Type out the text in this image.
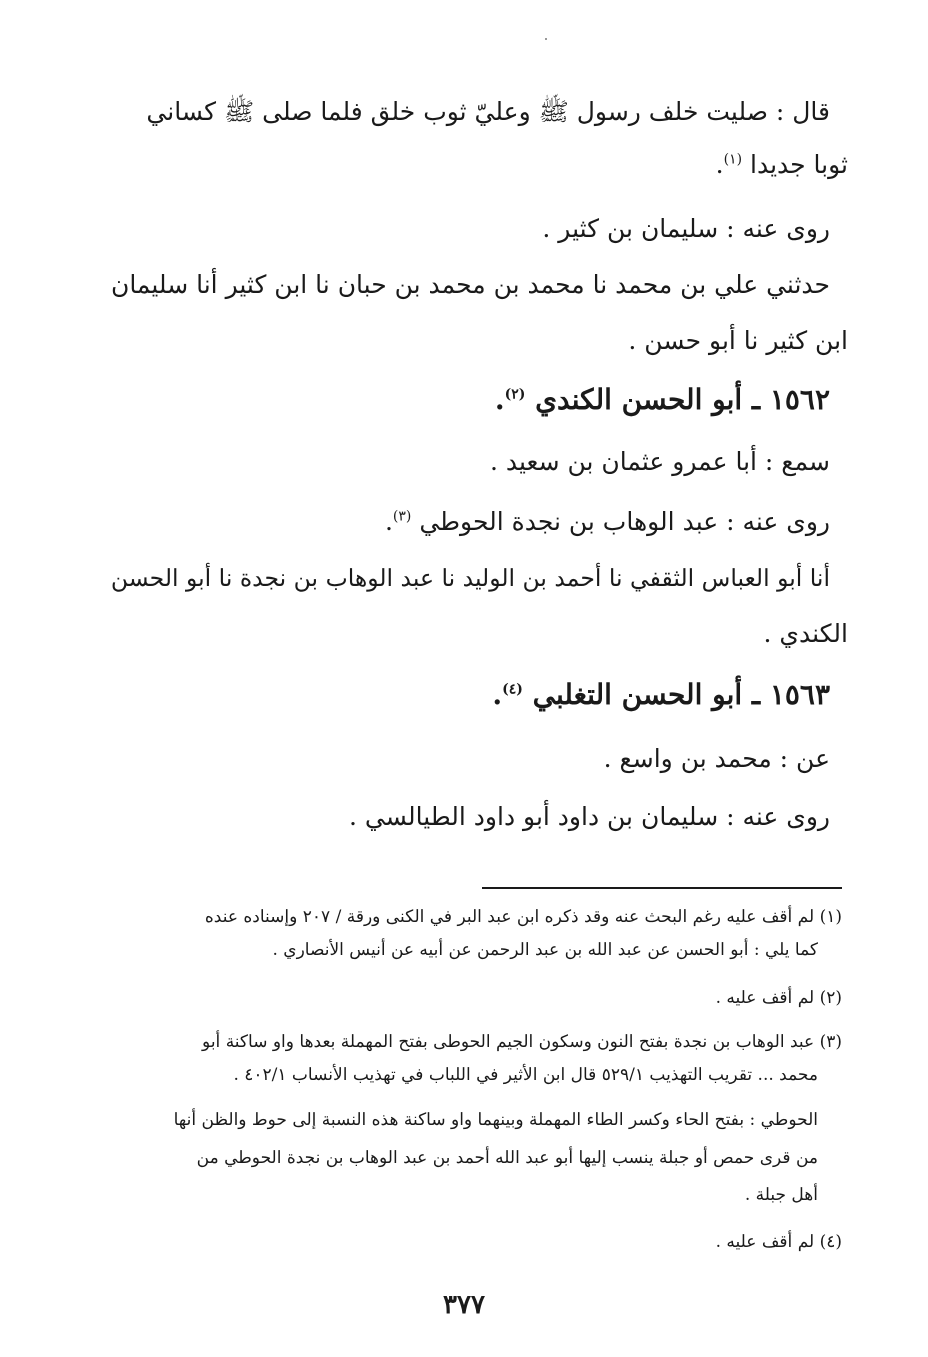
قال : صليت خلف رسول ﷺ وعليّ ثوب خلق فلما صلى ﷺ كساني
ثوبا جديدا $^{(١)}$.
روى عنه : سليمان بن كثير .
حدثني علي بن محمد نا محمد بن محمد بن حبان نا ابن كثير أنا سليمان
ابن كثير نا أبو حسن .
١٥٦٢ ـ أبو الحسن الكندي $^{(٢)}$.
سمع : أبا عمرو عثمان بن سعيد .
روى عنه : عبد الوهاب بن نجدة الحوطي $^{(٣)}$.
أنا أبو العباس الثقفي نا أحمد بن الوليد نا عبد الوهاب بن نجدة نا أبو الحسن
الكندي .
١٥٦٣ ـ أبو الحسن التغلبي $^{(٤)}$.
عن : محمد بن واسع .
روى عنه : سليمان بن داود أبو داود الطيالسي .
(١) لم أقف عليه رغم البحث عنه وقد ذكره ابن عبد البر في الكنى ورقة / ٢٠٧ وإسناده عنده
كما يلي : أبو الحسن عن عبد الله بن عبد الرحمن عن أبيه عن أنيس الأنصاري .
(٢) لم أقف عليه .
(٣) عبد الوهاب بن نجدة بفتح النون وسكون الجيم الحوطى بفتح المهملة بعدها واو ساكنة أبو
محمد ... تقريب التهذيب ٥٢٩/١ قال ابن الأثير في اللباب في تهذيب الأنساب ٤٠٢/١ .
الحوطي : بفتح الحاء وكسر الطاء المهملة وبينهما واو ساكنة هذه النسبة إلى حوط والظن أنها
من قرى حمص أو جبلة ينسب إليها أبو عبد الله أحمد بن عبد الوهاب بن نجدة الحوطي من
أهل جبلة .
(٤) لم أقف عليه .
٣٧٧
